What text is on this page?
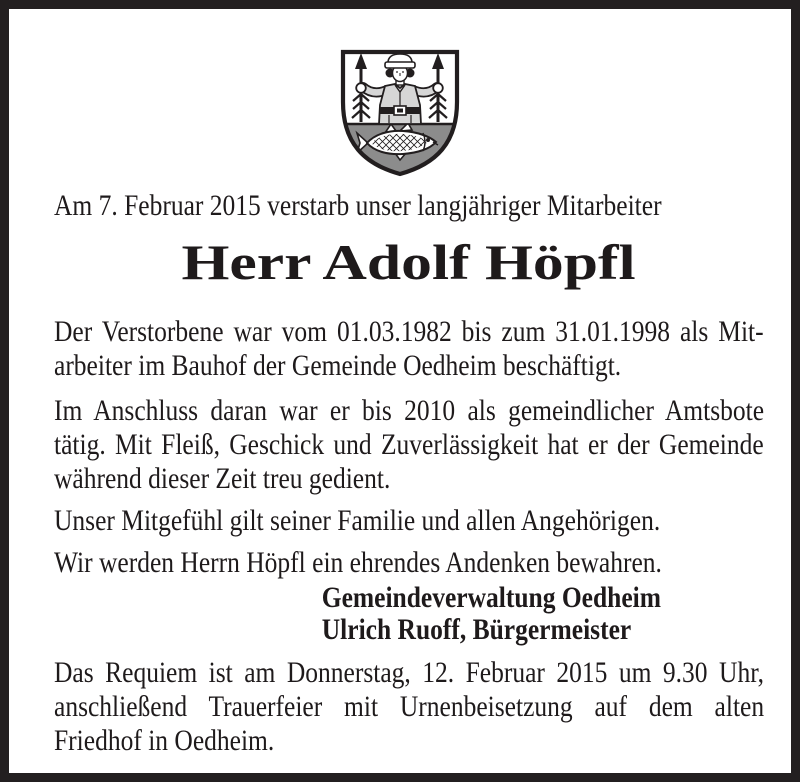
Am 7. Februar 2015 verstarb unser langjähriger Mitarbeiter
Herr Adolf Höpfl
Der Verstorbene war vom 01.03.1982 bis zum 31.01.1998 als Mit-
arbeiter im Bauhof der Gemeinde Oedheim beschäftigt.
Im Anschluss daran war er bis 2010 als gemeindlicher Amtsbote
tätig. Mit Fleiß, Geschick und Zuverlässigkeit hat er der Gemeinde
während dieser Zeit treu gedient.
Unser Mitgefühl gilt seiner Familie und allen Angehörigen.
Wir werden Herrn Höpfl ein ehrendes Andenken bewahren.
Gemeindeverwaltung Oedheim
Ulrich Ruoff, Bürgermeister
Das Requiem ist am Donnerstag, 12. Februar 2015 um 9.30 Uhr,
anschließend Trauerfeier mit Urnenbeisetzung auf dem alten
Friedhof in Oedheim.
